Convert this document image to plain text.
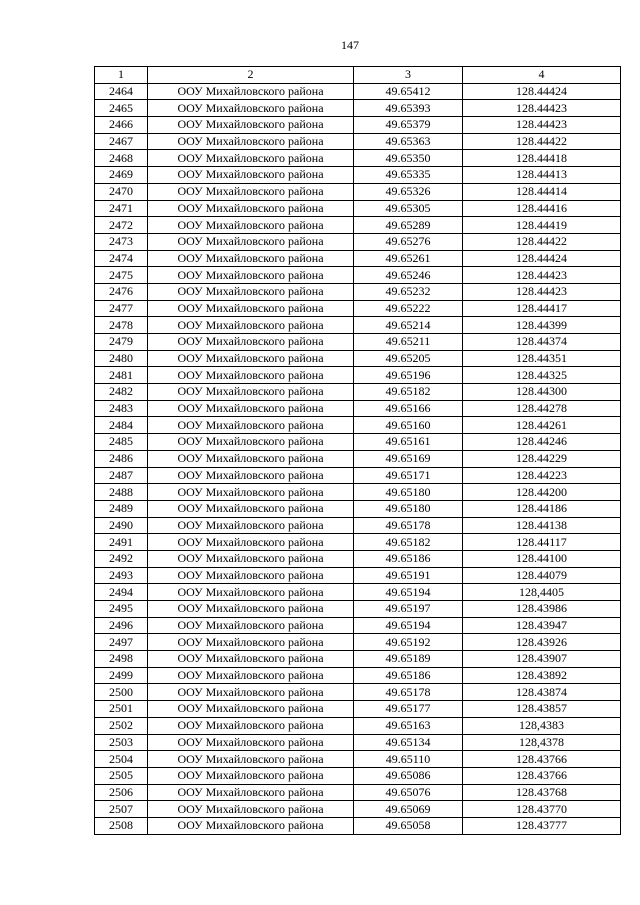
147
1	2	3	4
2464	ООУ Михайловского района	49.65412	128.44424
2465	ООУ Михайловского района	49.65393	128.44423
2466	ООУ Михайловского района	49.65379	128.44423
2467	ООУ Михайловского района	49.65363	128.44422
2468	ООУ Михайловского района	49.65350	128.44418
2469	ООУ Михайловского района	49.65335	128.44413
2470	ООУ Михайловского района	49.65326	128.44414
2471	ООУ Михайловского района	49.65305	128.44416
2472	ООУ Михайловского района	49.65289	128.44419
2473	ООУ Михайловского района	49.65276	128.44422
2474	ООУ Михайловского района	49.65261	128.44424
2475	ООУ Михайловского района	49.65246	128.44423
2476	ООУ Михайловского района	49.65232	128.44423
2477	ООУ Михайловского района	49.65222	128.44417
2478	ООУ Михайловского района	49.65214	128.44399
2479	ООУ Михайловского района	49.65211	128.44374
2480	ООУ Михайловского района	49.65205	128.44351
2481	ООУ Михайловского района	49.65196	128.44325
2482	ООУ Михайловского района	49.65182	128.44300
2483	ООУ Михайловского района	49.65166	128.44278
2484	ООУ Михайловского района	49.65160	128.44261
2485	ООУ Михайловского района	49.65161	128.44246
2486	ООУ Михайловского района	49.65169	128.44229
2487	ООУ Михайловского района	49.65171	128.44223
2488	ООУ Михайловского района	49.65180	128.44200
2489	ООУ Михайловского района	49.65180	128.44186
2490	ООУ Михайловского района	49.65178	128.44138
2491	ООУ Михайловского района	49.65182	128.44117
2492	ООУ Михайловского района	49.65186	128.44100
2493	ООУ Михайловского района	49.65191	128.44079
2494	ООУ Михайловского района	49.65194	128,4405
2495	ООУ Михайловского района	49.65197	128.43986
2496	ООУ Михайловского района	49.65194	128.43947
2497	ООУ Михайловского района	49.65192	128.43926
2498	ООУ Михайловского района	49.65189	128.43907
2499	ООУ Михайловского района	49.65186	128.43892
2500	ООУ Михайловского района	49.65178	128.43874
2501	ООУ Михайловского района	49.65177	128.43857
2502	ООУ Михайловского района	49.65163	128,4383
2503	ООУ Михайловского района	49.65134	128,4378
2504	ООУ Михайловского района	49.65110	128.43766
2505	ООУ Михайловского района	49.65086	128.43766
2506	ООУ Михайловского района	49.65076	128.43768
2507	ООУ Михайловского района	49.65069	128.43770
2508	ООУ Михайловского района	49.65058	128.43777
